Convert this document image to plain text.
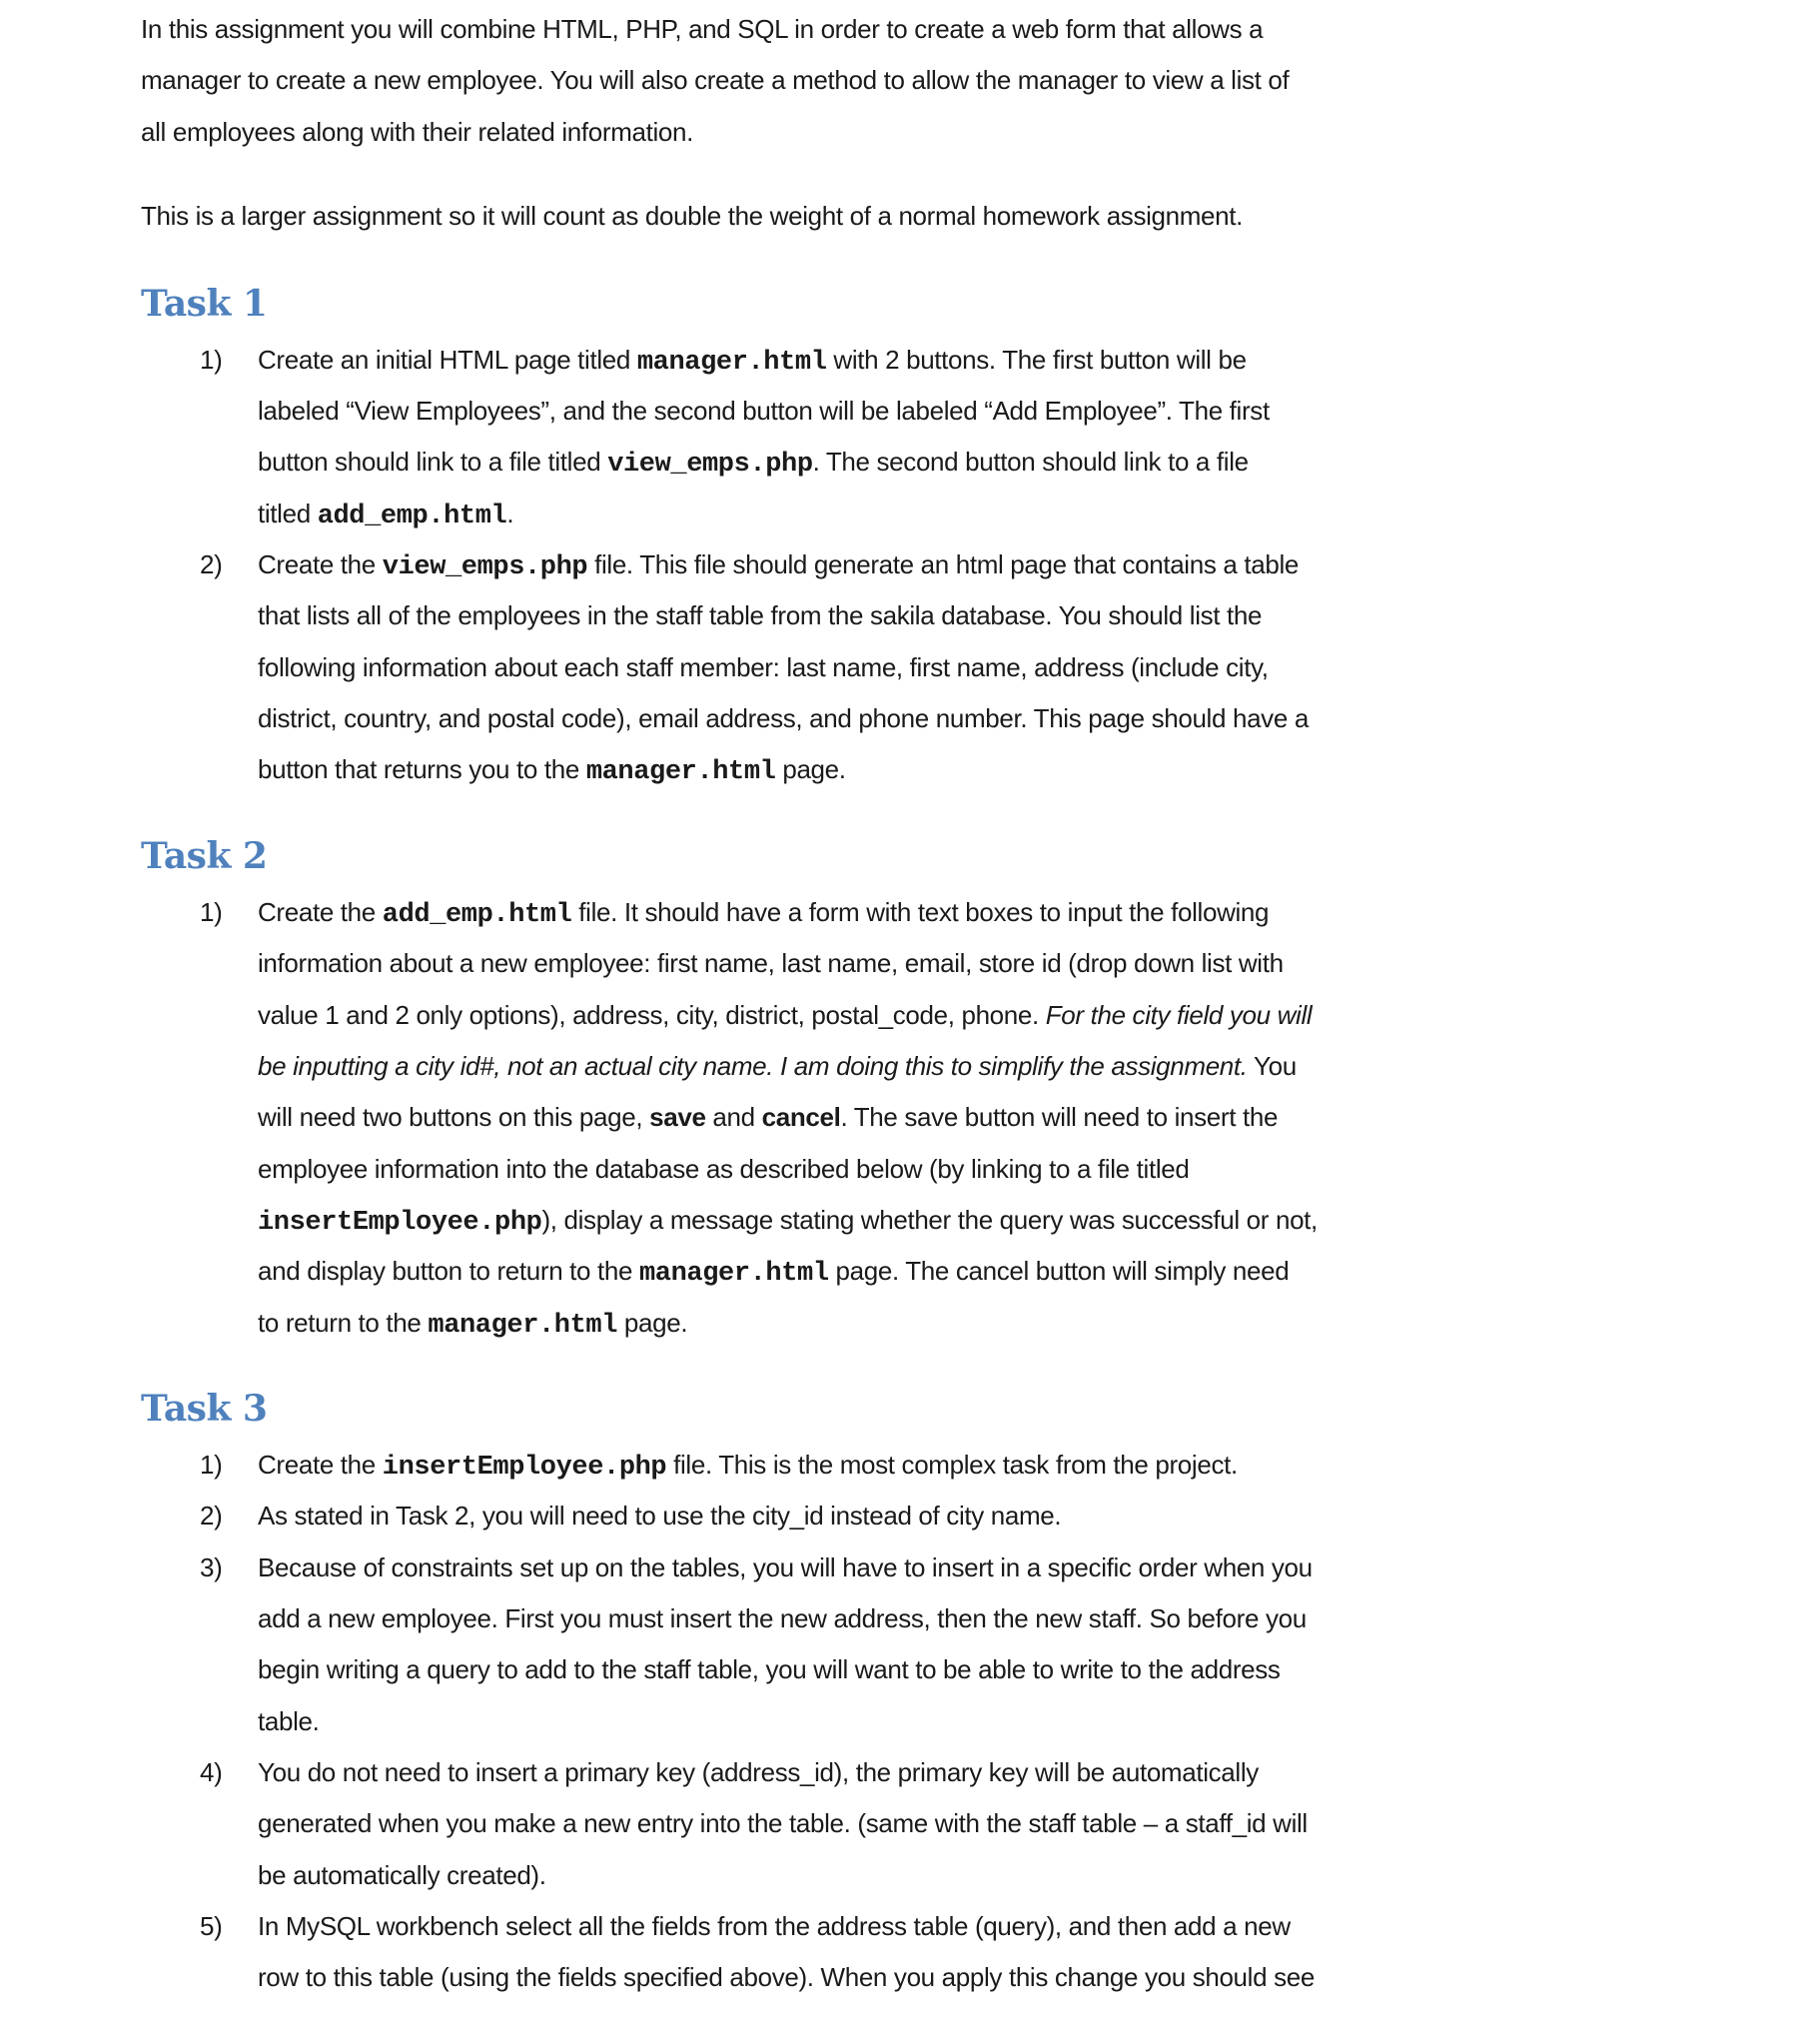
In this assignment you will combine HTML, PHP, and SQL in order to create a web form that allows a
manager to create a new employee. You will also create a method to allow the manager to view a list of
all employees along with their related information.
This is a larger assignment so it will count as double the weight of a normal homework assignment.
Task 1
1) Create an initial HTML page titled manager.html with 2 buttons. The first button will be
labeled “View Employees”, and the second button will be labeled “Add Employee”. The first
button should link to a file titled view_emps.php. The second button should link to a file
titled add_emp.html.
2) Create the view_emps.php file. This file should generate an html page that contains a table
that lists all of the employees in the staff table from the sakila database. You should list the
following information about each staff member: last name, first name, address (include city,
district, country, and postal code), email address, and phone number. This page should have a
button that returns you to the manager.html page.
Task 2
1) Create the add_emp.html file. It should have a form with text boxes to input the following
information about a new employee: first name, last name, email, store id (drop down list with
value 1 and 2 only options), address, city, district, postal_code, phone. For the city field you will
be inputting a city id#, not an actual city name. I am doing this to simplify the assignment. You
will need two buttons on this page, save and cancel. The save button will need to insert the
employee information into the database as described below (by linking to a file titled
insertEmployee.php), display a message stating whether the query was successful or not,
and display button to return to the manager.html page. The cancel button will simply need
to return to the manager.html page.
Task 3
1) Create the insertEmployee.php file. This is the most complex task from the project.
2) As stated in Task 2, you will need to use the city_id instead of city name.
3) Because of constraints set up on the tables, you will have to insert in a specific order when you
add a new employee. First you must insert the new address, then the new staff. So before you
begin writing a query to add to the staff table, you will want to be able to write to the address
table.
4) You do not need to insert a primary key (address_id), the primary key will be automatically
generated when you make a new entry into the table. (same with the staff table – a staff_id will
be automatically created).
5) In MySQL workbench select all the fields from the address table (query), and then add a new
row to this table (using the fields specified above). When you apply this change you should see
